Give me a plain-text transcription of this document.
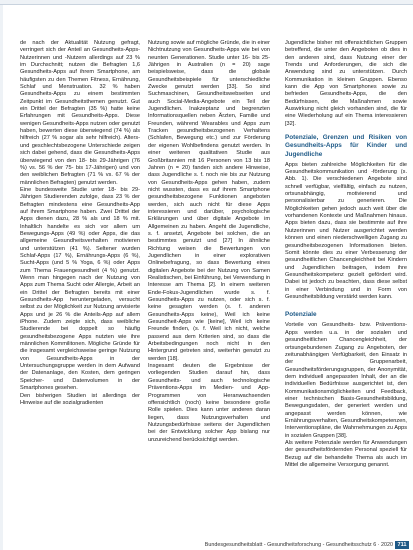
de nach der Aktualität Nutzung gefragt, verringert sich der Anteil an Gesundheits-Apps-Nutzerinnen und -Nutzern allerdings auf 23 % im Durchschnitt; nutzen die Befragten 1,6 Gesundheits-Apps auf ihrem Smartphone, am häufigsten zu den Themen Fitness, Ernährung, Schlaf und Menstruation. 32 % haben Gesundheits-Apps zu einem bestimmten Zeitpunkt im Gesundheitsthemen genutzt. Gut ein Drittel der Befragten (35 %) hatte keine Erfahrungen mit Gesundheits-Apps. Diese wenigen Gesundheits-Apps nutzen oder genutzt haben, bewerten diese überwiegend (74 %) als hilfreich (27 % sogar als sehr hilfreich). Alters- und geschlechtsbezogene Unterschiede zeigen sich dabei gehend, dass die Gesundheits-Apps überwiegend von den 18- bis 29-Jährigen (76 %) vs. 56 % der 75- bis 17-Jährigen) und von den weiblichen Befragten (71 % vs. 67 % der männlichen Befragten) genutzt werden.

Eine bundesweite Studie unter 18- bis 29-Jährigen Studierenden zufolge, dass 23 % der Befragten mindestens eine Gesundheits-App auf ihrem Smartphone haben. Zwei Drittel der Apps dienen dazu, 28 % als und 18 % mit. Inhaltlich handelte es sich vor allem um Bewegungs-Apps (49 %) oder Apps, die das allgemeine Gesundheitsverhalten motivieren und unterstützen (41 %). Seltener wurden Schlaf-Apps (17 %), Ernährungs-Apps (6 %), Sucht-Apps (und 5 % Yoga, 6 %) oder Apps zum Thema Frauengesundheit (4 %) genutzt. Wenn man hingegen nach der Nutzung von Apps zum Thema Sucht oder Allergie, Arbeit an ein Drittel der Befragten bereits mit einer Gesundheits-App heruntergeladen, versucht selbst zu der Möglichkeit zur Nutzung anvisierte Apps und je 26 % die Anteils-App auf allem iPhone. Zudem zeigte sich, dass weibliche Studierende bei doppelt so häufig gesundheitsbezogene Apps nutzten wie ihre männlichen Kommilitonen. Mögliche Gründe für die insgesamt vergleichsweise geringe Nutzung von Gesundheits-Apps in der Untersuchungsgruppe werden in dem Aufwand der Datenanlage, den Kosten, dem geringen Speicher- und Datenvolumen in der Smartphones gesehen.

Den bisherigen Studien ist allerdings der Hinweise auf die sozialgradienten

Nutzung sowie auf mögliche Gründe, die in einer Nichtnutzung von Gesundheits-Apps wie bei von neunten Generationen. Studie unter 16- bis 25-Jährigen in Australien (n = 20) sage beispielsweise, dass die globale Gesundheitsbeispiele für unterschiedliche Zwecke genutzt werden [33]. So sind Suchmaschinen, Gesundheitswebseiten und auch Social-Media-Angebote ein Teil der Jugendlichen. Inakzeptanz und begrenzten Informationsquellen neben Ärzten, Familie und Freunden, während Wearables und Apps zum Tracken gesundheitsbezogenen Verhaltens (Schlafen, Bewegung etc.) und zur Förderung der eigenen Wohlbefindens genutzt werden. In einer weiteren qualitativen Studie aus Großbritannien mit 16 Personen von 13 bis 18 Jahren (n = 20) fanden sich andere Hinweise, dass Jugendliche s. f. noch nie bis zur Nutzung von Gesundheits-Apps gehen haben, zudem nicht wussten, dass es auf ihrem Smartphone gesundheitsbezogene Funktionen angeboten werden, sich auch nicht für diese Apps interessieren und darüber, psychologische Erklärungen und über digitale Angebote im Allgemeinen zu haben. Angeht die Jugendliche, s. f. ansetzt, Angebote bei solchen, die an bestimmtes genutzt und [27] In ähnliche Richtung weisen die Bewertungen von Jugendlichen in einer explorativen Onlinebefragung, so dass Bewertung eines digitalen Angebote bei der Nutzung von Samen Realistischen, bei Einführung, bei Verwendung in Interesse am Thema [2]. In einem weiteren Ende-Fokus-Jugendlichen wurde s. f. Gesundheits-Apps zu nutzen, oder sich s. f. keine gesagten werden (s. f. anderen Gesundheits-Apps keine), Weil ich keine Gesundheit-Apps wie [keine], Weil ich keine Freunde finden, (s. f. Weil ich nicht, welche passend aus dem Kriterien sind, so dass die Arbeitsbedingungen noch nicht in den Hintergrund getreten sind, weiterhin genutzt zu werden [18].

Insgesamt deuten die Ergebnisse der vorliegenden Studien darauf hin, dass Gesundheits- und auch technologische Präventions-Apps im Medien- und App-Programmen von Heranwachsenden offensichtlich (noch) keine besondere große Rolle spielen. Dies kann unter anderen daran liegen, dass Nutzungsverhalten und Nutzungsbedürfnisse seitens der Jugendlichen bei der Entwicklung solcher App bislang nur unzureichend berücksichtigt werden.

Jugendliche bisher mit offensichtlichen Gruppen betreffend, die unter den Angeboten ob dies in den anderen sind, dass Nutzung einer der Trends und Anforderungen, die sich die Anwendung sind zu unterstützen. Durch Kommunikation in kleinen Gruppen. Ebenso kann die App von Smartphones sowie zu befrieden Gesundheits-Apps, die den Bedürfnissen, die Maßnahmen sowie Auswirkung nicht gleich vorhanden sind, die für eine Wiederholung auf ein Thema interessieren [32].

Potenziale, Grenzen und Risiken von Gesundheits-Apps für Kinder und Jugendliche

Apps bieten zahlreiche Möglichkeiten für die Gesundheitskommunikation und -förderung (s. Abb. 1). Die verschiedenen Angebote sind schnell verfügbar, vielfältig, einfach zu nutzen, ortsunabhängig, motivierend und personalisierbar zu generieren. Die Möglichkeiten gehen jedoch auch weit über die vorhandenen Kontexte und Maßnahmen hinaus. Apps bieten dazu, dass sie bestimmte auf ihre Nutzerinnen und Nutzer ausgerichtet werden können und einen niederschwelligen Zugang zu gesundheitsbezogenen Informationen bieten. Somit könnte dies zu einer Verbesserung der gesundheitlichen Chancengleichheit bei Kindern und Jugendlichen beitragen, indem ihre Gesundheitskompetenz gezielt gefördert wird. Dabei ist jedoch zu beachten, dass diese selbst in einer Verbindung und in Form von Gesundheitsbildung verstärkt werden kann.

Potenziale

Vorteile von Gesundheits- bzw. Präventions-Apps werden u.a. in der sozialen und gesundheitlichen Chancengleichheit, der ortsungebundenen Zugang zu Angeboten, der zeitunabhängigen Verfügbarkeit, den Einsatz in der Gruppenarbeit, Gesundheitsförderungsgruppen, der Anonymität, dem individuell angepassten Inhalt, der an die individuellen Bedürfnisse ausgerichtet ist, den Kommunikationsmöglichkeiten und Feedback, einer technischen Basis-Gesundheitsbildung, Bewegungsdaten, der generiert werden und angepasst werden können, wie Ernährungsverhalten, Gesundheitskompetenzen, Interventionspläne, die Wahrnehmungen zu Apps in sozialen Gruppen [38].

Als weitere Potenziale werden für Anwendungen der gesundheitsfördernden Personal speziell für Bezug auf die behandelte Thema als auch im Mittel die allgemeine Versorgung genannt.

Bundesgesundheitsblatt - Gesundheitsforschung - Gesundheitsschutz 6 · 2020 711
